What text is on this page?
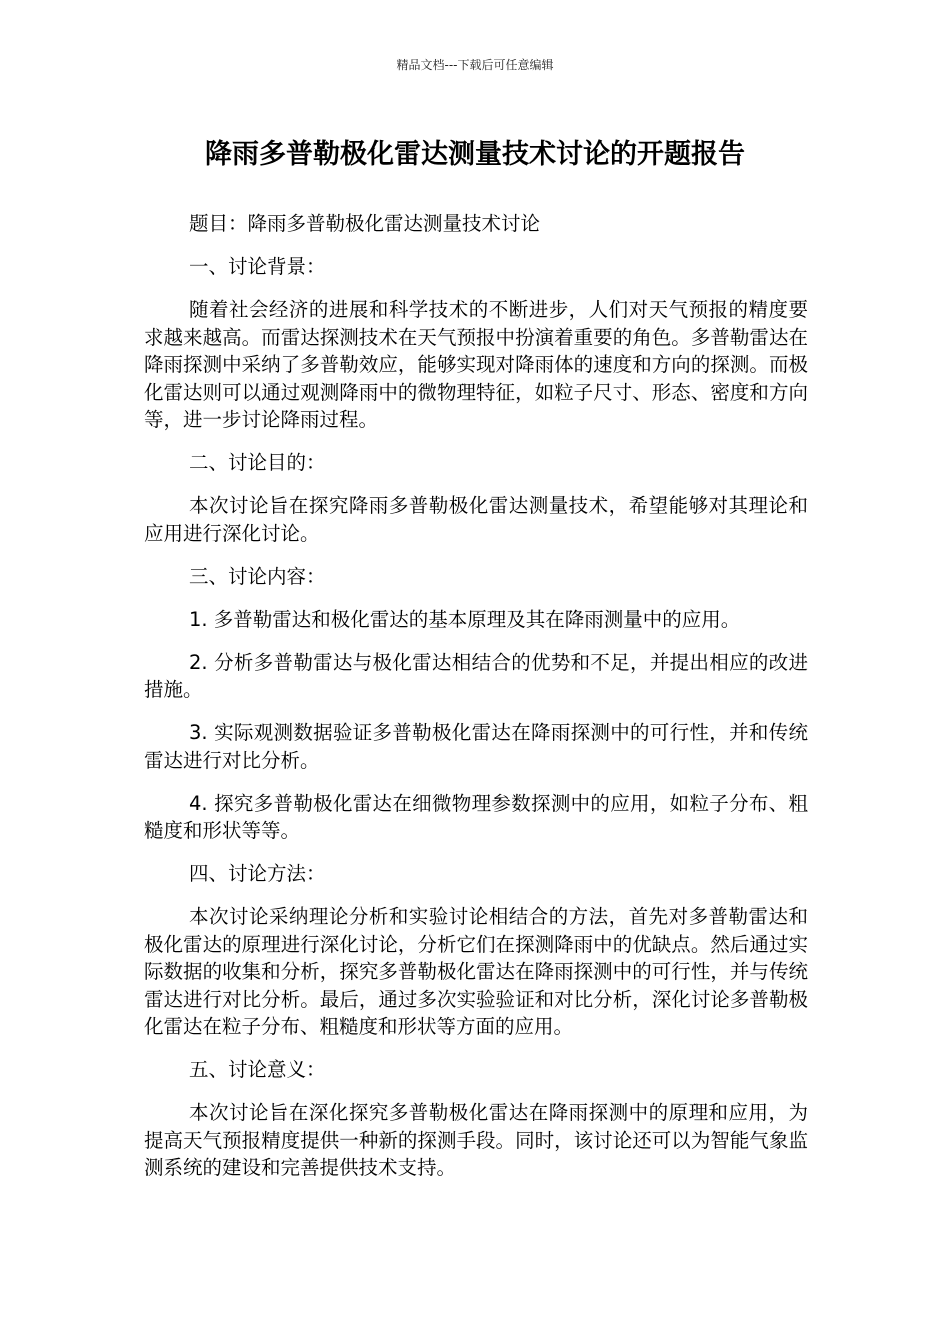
精品文档---下载后可任意编辑
降雨多普勒极化雷达测量技术讨论的开题报告

题目：降雨多普勒极化雷达测量技术讨论

一、讨论背景：

随着社会经济的进展和科学技术的不断进步，人们对天气预报的精度要求越来越高。而雷达探测技术在天气预报中扮演着重要的角色。多普勒雷达在降雨探测中采纳了多普勒效应，能够实现对降雨体的速度和方向的探测。而极化雷达则可以通过观测降雨中的微物理特征，如粒子尺寸、形态、密度和方向等，进一步讨论降雨过程。

二、讨论目的：

本次讨论旨在探究降雨多普勒极化雷达测量技术，希望能够对其理论和应用进行深化讨论。

三、讨论内容：

1. 多普勒雷达和极化雷达的基本原理及其在降雨测量中的应用。

2. 分析多普勒雷达与极化雷达相结合的优势和不足，并提出相应的改进措施。

3. 实际观测数据验证多普勒极化雷达在降雨探测中的可行性，并和传统雷达进行对比分析。

4. 探究多普勒极化雷达在细微物理参数探测中的应用，如粒子分布、粗糙度和形状等等。

四、讨论方法：

本次讨论采纳理论分析和实验讨论相结合的方法，首先对多普勒雷达和极化雷达的原理进行深化讨论，分析它们在探测降雨中的优缺点。然后通过实际数据的收集和分析，探究多普勒极化雷达在降雨探测中的可行性，并与传统雷达进行对比分析。最后，通过多次实验验证和对比分析，深化讨论多普勒极化雷达在粒子分布、粗糙度和形状等方面的应用。

五、讨论意义：

本次讨论旨在深化探究多普勒极化雷达在降雨探测中的原理和应用，为提高天气预报精度提供一种新的探测手段。同时，该讨论还可以为智能气象监测系统的建设和完善提供技术支持。
